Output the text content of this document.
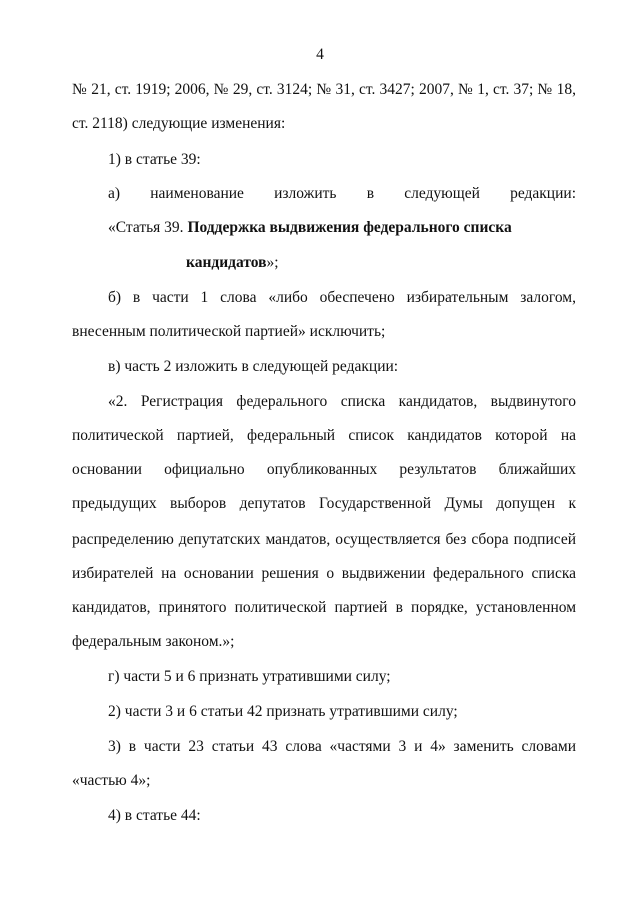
4
№ 21, ст. 1919; 2006, № 29, ст. 3124; № 31, ст. 3427; 2007, № 1, ст. 37; № 18,
ст. 2118) следующие изменения:
1) в статье 39:
а) наименование изложить в следующей редакции:
«Статья 39. Поддержка выдвижения федерального списка
кандидатов»;
б) в части 1 слова «либо обеспечено избирательным залогом,
внесенным политической партией» исключить;
в) часть 2 изложить в следующей редакции:
«2. Регистрация федерального списка кандидатов, выдвинутого
политической партией, федеральный список кандидатов которой на
основании официально опубликованных результатов ближайших
предыдущих выборов депутатов Государственной Думы допущен к
распределению депутатских мандатов, осуществляется без сбора подписей
избирателей на основании решения о выдвижении федерального списка
кандидатов, принятого политической партией в порядке, установленном
федеральным законом.»;
г) части 5 и 6 признать утратившими силу;
2) части 3 и 6 статьи 42 признать утратившими силу;
3) в части 23 статьи 43 слова «частями 3 и 4» заменить словами
«частью 4»;
4) в статье 44:
